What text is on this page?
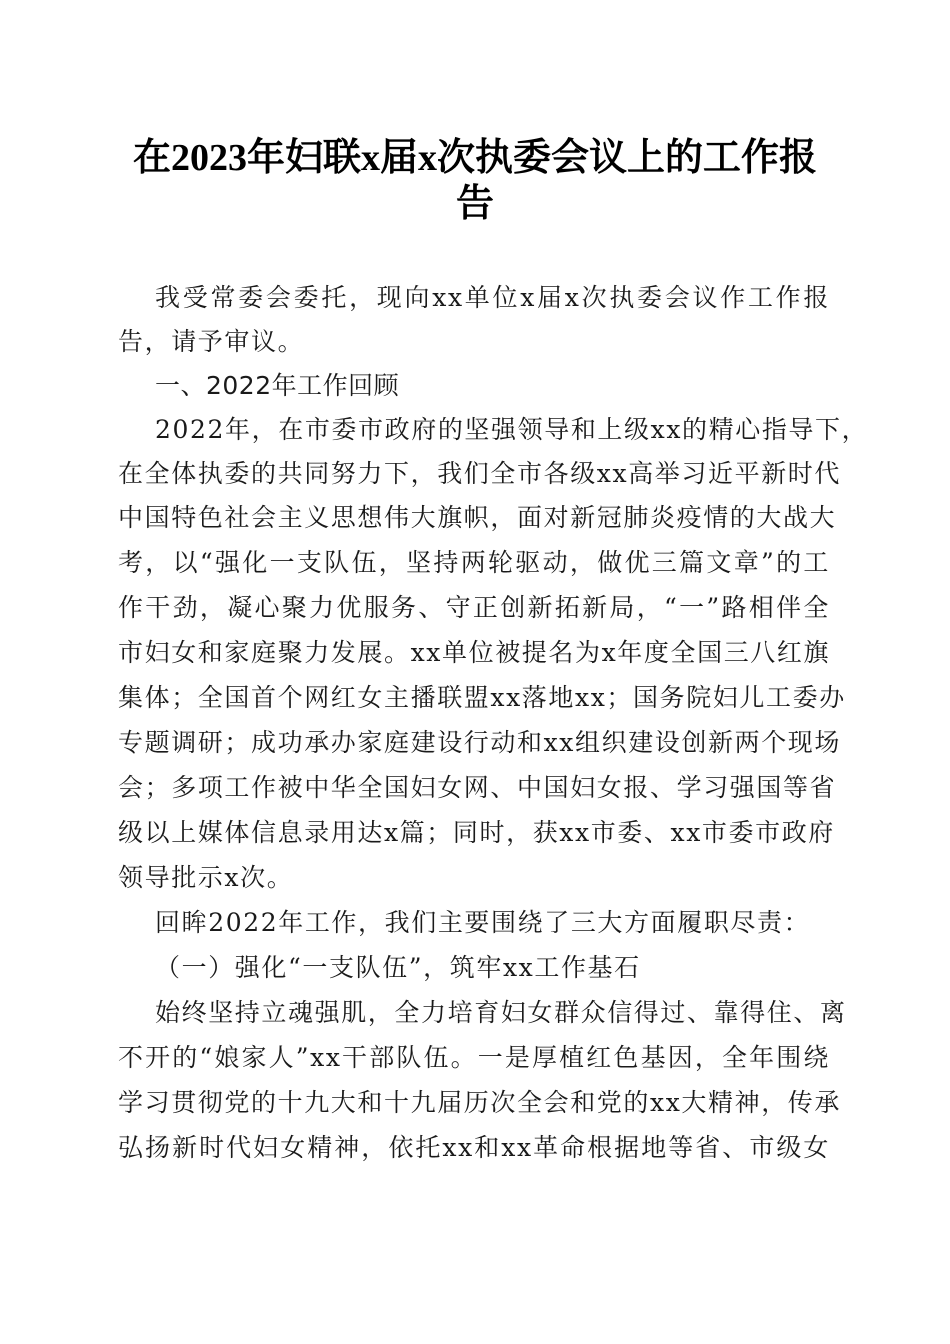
在2023年妇联x届x次执委会议上的工作报
告
我受常委会委托，现向xx单位x届x次执委会议作工作报
告，请予审议。
一、2022年工作回顾
2022年，在市委市政府的坚强领导和上级xx的精心指导下，
在全体执委的共同努力下，我们全市各级xx高举习近平新时代
中国特色社会主义思想伟大旗帜，面对新冠肺炎疫情的大战大
考，以“强化一支队伍，坚持两轮驱动，做优三篇文章”的工
作干劲，凝心聚力优服务、守正创新拓新局，“一”路相伴全
市妇女和家庭聚力发展。xx单位被提名为x年度全国三八红旗
集体；全国首个网红女主播联盟xx落地xx；国务院妇儿工委办
专题调研；成功承办家庭建设行动和xx组织建设创新两个现场
会；多项工作被中华全国妇女网、中国妇女报、学习强国等省
级以上媒体信息录用达x篇；同时，获xx市委、xx市委市政府
领导批示x次。
回眸2022年工作，我们主要围绕了三大方面履职尽责：
（一）强化“一支队伍”，筑牢xx工作基石
始终坚持立魂强肌，全力培育妇女群众信得过、靠得住、离
不开的“娘家人”xx干部队伍。一是厚植红色基因，全年围绕
学习贯彻党的十九大和十九届历次全会和党的xx大精神，传承
弘扬新时代妇女精神，依托xx和xx革命根据地等省、市级女
